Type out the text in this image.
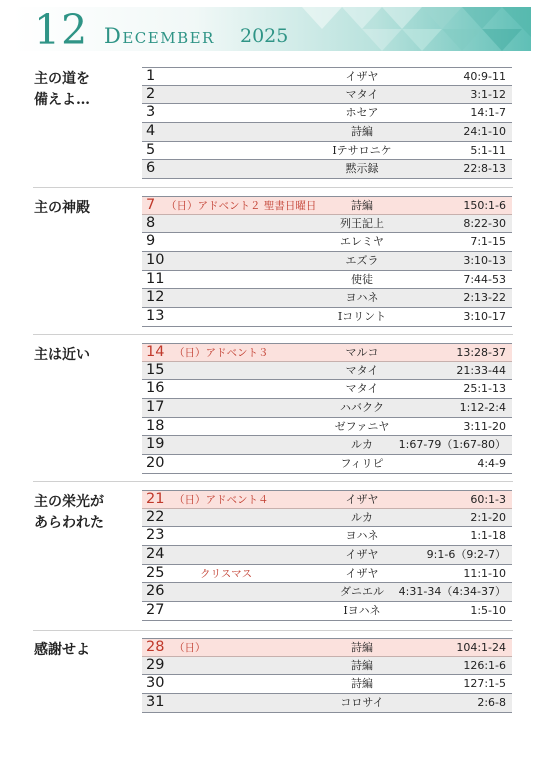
12 December 2025
主の道を
備えよ…
1	イザヤ	40:9-11
2	マタイ	3:1-12
3	ホセア	14:1-7
4	詩編	24:1-10
5	Ⅰテサロニケ	5:1-11
6	黙示録	22:8-13
主の神殿	7 （日）アドベント２ 聖書日曜日	詩編	150:1-6
8	列王記上	8:22-30
9	エレミヤ	7:1-15
10	エズラ	3:10-13
11	使徒	7:44-53
12	ヨハネ	2:13-22
13	Ⅰコリント	3:10-17
主は近い	14 （日）アドベント３	マルコ	13:28-37
15	マタイ	21:33-44
16	マタイ	25:1-13
17	ハバクク	1:12-2:4
18	ゼファニヤ	3:11-20
19	ルカ	1:67-79（1:67-80）
20	フィリピ	4:4-9
主の栄光が
あらわれた
21 （日）アドベント４	イザヤ	60:1-3
22	ルカ	2:1-20
23	ヨハネ	1:1-18
24	イザヤ	9:1-6（9:2-7）
25	クリスマス	イザヤ	11:1-10
26	ダニエル	4:31-34（4:34-37）
27	Ⅰヨハネ	1:5-10
感謝せよ	28 （日）	詩編	104:1-24
29	詩編	126:1-6
30	詩編	127:1-5
31	コロサイ	2:6-8
